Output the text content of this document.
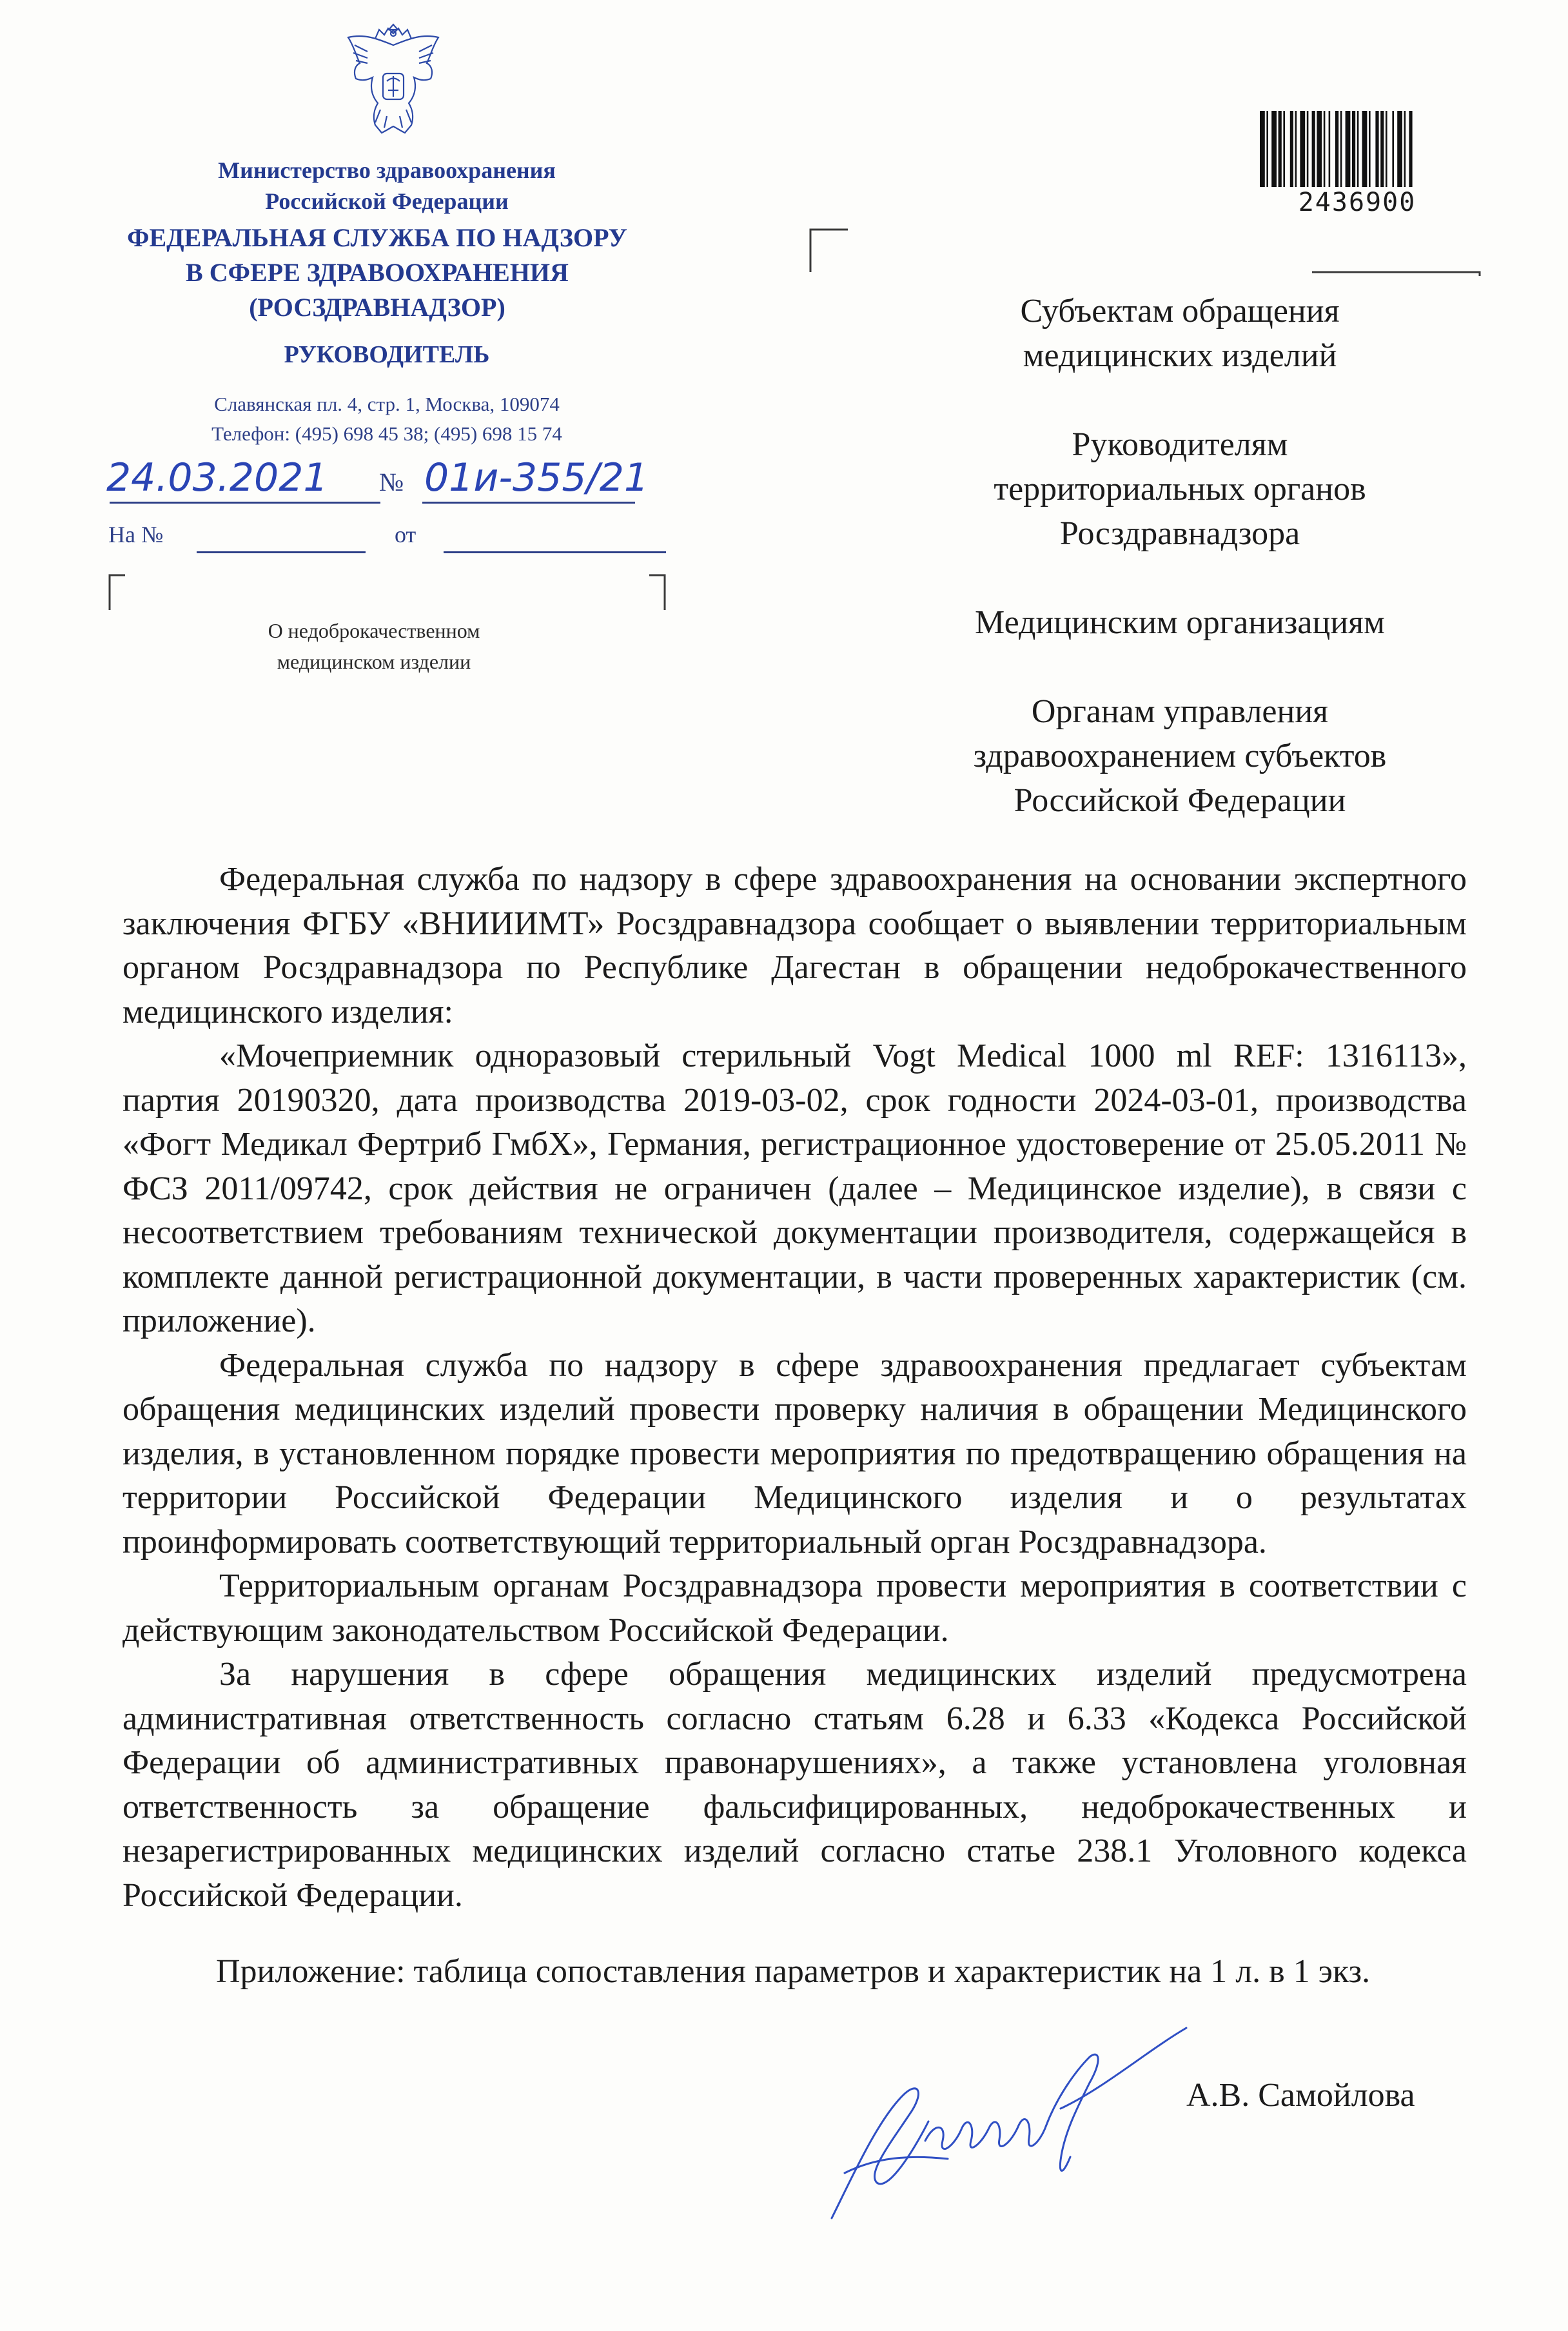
Министерство здравоохранения
Российской Федерации
ФЕДЕРАЛЬНАЯ СЛУЖБА ПО НАДЗОРУ
В СФЕРЕ ЗДРАВООХРАНЕНИЯ
(РОСЗДРАВНАДЗОР)
РУКОВОДИТЕЛЬ
Славянская пл. 4, стр. 1, Москва, 109074
Телефон: (495) 698 45 38; (495) 698 15 74
24.03.2021	№ 01и-355/21
На №	от
О недоброкачественном
медицинском изделии
2436900
Субъектам обращения
медицинских изделий
Руководителям
территориальных органов
Росздравнадзора
Медицинским организациям
Органам управления
здравоохранением субъектов
Российской Федерации

Федеральная служба по надзору в сфере здравоохранения на основании экспертного заключения ФГБУ «ВНИИИМТ» Росздравнадзора сообщает о выявлении территориальным органом Росздравнадзора по Республике Дагестан в обращении недоброкачественного медицинского изделия:

«Мочеприемник одноразовый стерильный Vogt Medical 1000 ml REF: 1316113», партия 20190320, дата производства 2019-03-02, срок годности 2024-03-01, производства «Фогт Медикал Фертриб ГмбХ», Германия, регистрационное удостоверение от 25.05.2011 № ФСЗ 2011/09742, срок действия не ограничен (далее – Медицинское изделие), в связи с несоответствием требованиям технической документации производителя, содержащейся в комплекте данной регистрационной документации, в части проверенных характеристик (см. приложение).

Федеральная служба по надзору в сфере здравоохранения предлагает субъектам обращения медицинских изделий провести проверку наличия в обращении Медицинского изделия, в установленном порядке провести мероприятия по предотвращению обращения на территории Российской Федерации Медицинского изделия и о результатах проинформировать соответствующий территориальный орган Росздравнадзора.

Территориальным органам Росздравнадзора провести мероприятия в соответствии с действующим законодательством Российской Федерации.

За нарушения в сфере обращения медицинских изделий предусмотрена административная ответственность согласно статьям 6.28 и 6.33 «Кодекса Российской Федерации об административных правонарушениях», а также установлена уголовная ответственность за обращение фальсифицированных, недоброкачественных и незарегистрированных медицинских изделий согласно статье 238.1 Уголовного кодекса Российской Федерации.

Приложение: таблица сопоставления параметров и характеристик на 1 л. в 1 экз.
А.В. Самойлова
